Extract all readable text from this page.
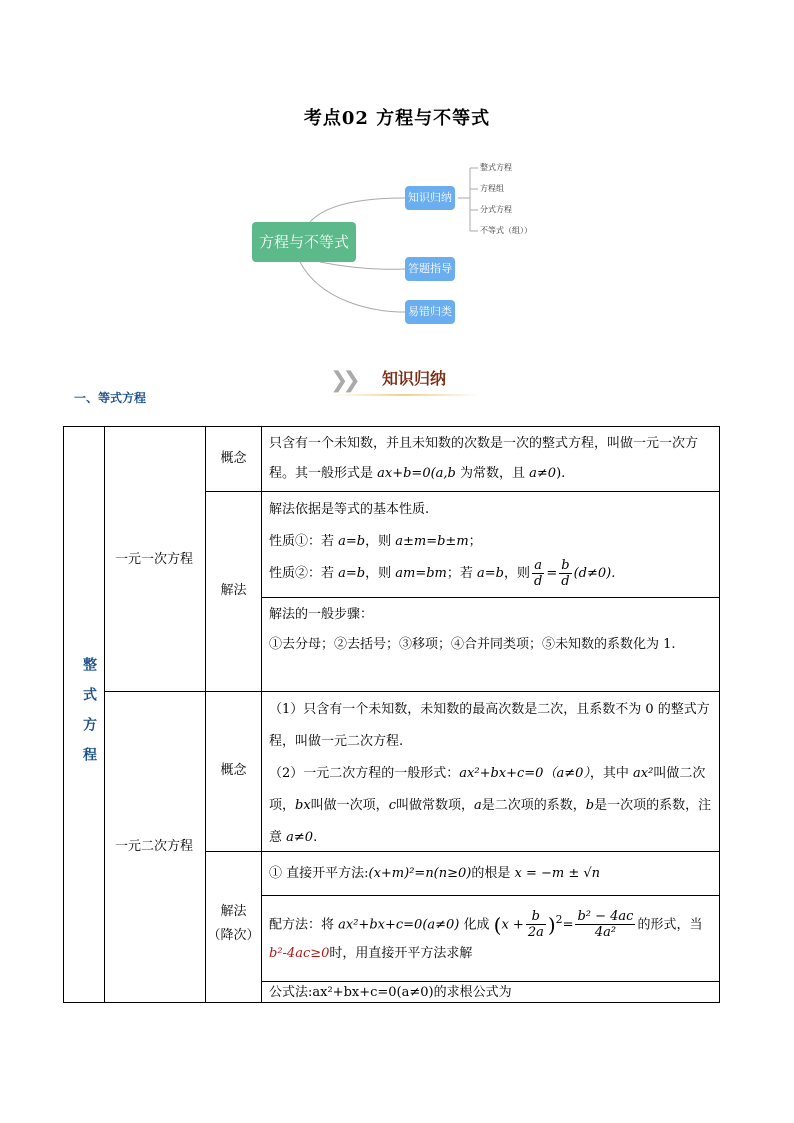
考点02 方程与不等式
方程与不等式
知识归纳
答题指导
易错归类
整式方程
方程组
分式方程
不等式（组））
❯❯ 知识归纳
一、等式方程
整式方程
一元一次方程
概念
只含有一个未知数，并且未知数的次数是一次的整式方程，叫做一元一次方程。其一般形式是 ax+b=0(a,b 为常数，且 a≠0).
解法
解法依据是等式的基本性质.
性质①：若 a=b，则 a±m=b±m；
性质②：若 a=b，则 am=bm；若 a=b，则 $\frac{a}{d} = \frac{b}{d} (d\ne 0)$.
解法的一般步骤：
①去分母；②去括号；③移项；④合并同类项；⑤未知数的系数化为 1.
一元二次方程
概念
（1）只含有一个未知数，未知数的最高次数是二次，且系数不为 0 的整式方程，叫做一元二次方程.
（2）一元二次方程的一般形式：ax²+bx+c=0（a≠0），其中 ax²叫做二次项，bx叫做一次项，c叫做常数项，a是二次项的系数，b是一次项的系数，注意 a≠0.
解法
（降次）
① 直接开平方法:(x+m)²=n(n≥0)的根是 x = −m ± √n
配方法：将 ax²+bx+c=0(a≠0) 化成 $(x + \frac{b}{2a} )^2= \frac{\text{b² − 4ac}}{\text{4a²}}$ 的形式，当
b²-4ac≥0时，用直接开平方法求解
公式法:ax²+bx+c=0(a≠0)的求根公式为
